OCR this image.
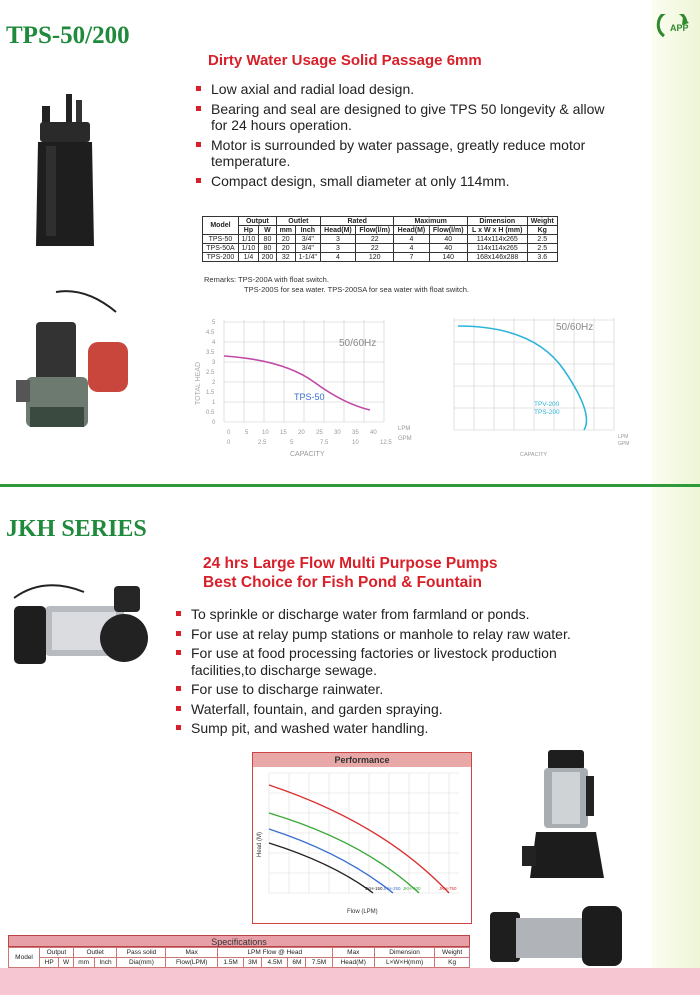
APP
TPS-50/200
Dirty Water Usage Solid Passage 6mm
Low axial and radial load design.
Bearing and seal are designed to give TPS 50 longevity & allow for 24 hours operation.
Motor is surrounded by water passage, greatly reduce motor temperature.
Compact design, small diameter at only 114mm.
Model	Output		Outlet		Rated		Maximum		Dimension	Weight
	Hp	W	mm	Inch	Head(M)	Flow(l/m)	Head(M)	Flow(l/m)	L x W x H (mm)	Kg
TPS-50	1/10	80	20	3/4"	3	22	4	40	114x114x265	2.5
TPS-50A	1/10	80	20	3/4"	3	22	4	40	114x114x265	2.5
TPS-200	1/4	200	32	1-1/4"	4	120	7	140	168x146x288	3.6
Remarks: TPS-200A with float switch.
TPS-200S for sea water. TPS-200SA for sea water with float switch.
50/60Hz
TPS-50
TOTAL HEAD
0 5 10 15 20 25 30 35 40
LPM
0	2.5	5	7.5	10	12.5
GPM
CAPACITY
0
0.5
1
1.5
2
2.5
3
3.5
4
4.5
5	50/60Hz
TPV-200
TPS-200
LPM
GPM
CAPACITY
JKH SERIES
24 hrs Large Flow Multi Purpose Pumps
Best Choice for Fish Pond & Fountain
To sprinkle or discharge water from farmland or ponds.
For use at relay pump stations or manhole to relay raw water.
For use at food processing factories or livestock production facilities,to discharge sewage.
For use to discharge rainwater.
Waterfall, fountain, and garden spraying.
Sump pit, and washed water handling.
Performance
JKH-150 JKH-250 JKH-400	JKH-750
Head (M)
Flow (LPM)
Specifications
Model	Output		Outlet		Pass solid	Max	LPM Flow @ Head					Max	Dimension	Weight
	HP	W	mm	Inch	Dia(mm)	Flow(LPM)	1.5M	3M	4.5M	6M	7.5M	Head(M)	L×W×H(mm)	Kg
